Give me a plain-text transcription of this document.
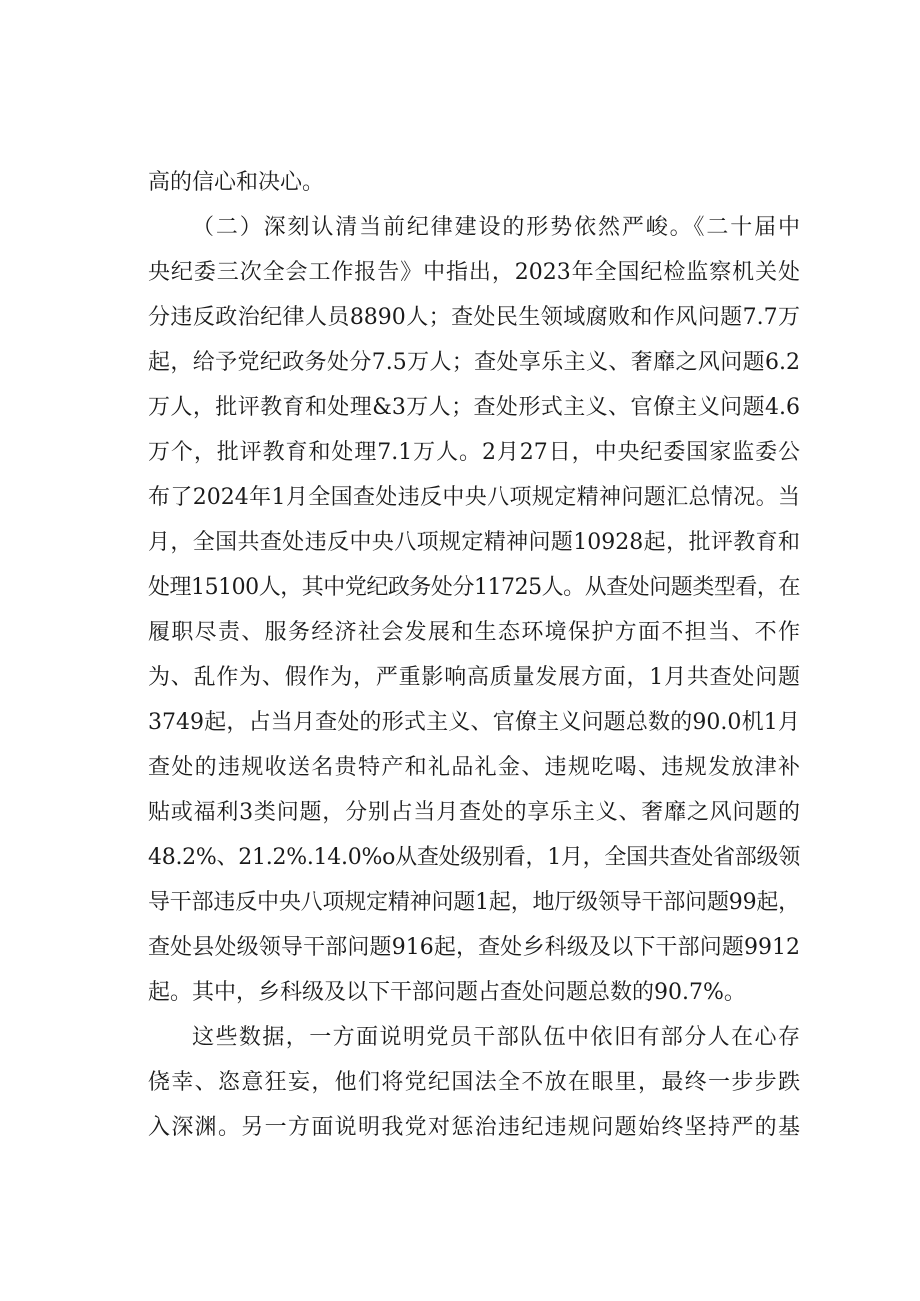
高的信心和决心。
（二）深刻认清当前纪律建设的形势依然严峻。《二十届中
央纪委三次全会工作报告》中指出，2023年全国纪检监察机关处
分违反政治纪律人员8890人；查处民生领域腐败和作风问题7.7万
起，给予党纪政务处分7.5万人；查处享乐主义、奢靡之风问题6.2
万人，批评教育和处理&3万人；查处形式主义、官僚主义问题4.6
万个，批评教育和处理7.1万人。2月27日，中央纪委国家监委公
布了2024年1月全国查处违反中央八项规定精神问题汇总情况。当
月，全国共查处违反中央八项规定精神问题10928起，批评教育和
处理15100人，其中党纪政务处分11725人。从查处问题类型看，在
履职尽责、服务经济社会发展和生态环境保护方面不担当、不作
为、乱作为、假作为，严重影响高质量发展方面，1月共查处问题
3749起，占当月查处的形式主义、官僚主义问题总数的90.0机1月
查处的违规收送名贵特产和礼品礼金、违规吃喝、违规发放津补
贴或福利3类问题，分别占当月查处的享乐主义、奢靡之风问题的
48.2%、21.2%.14.0%o从查处级别看，1月，全国共查处省部级领
导干部违反中央八项规定精神问题1起，地厅级领导干部问题99起，
查处县处级领导干部问题916起，查处乡科级及以下干部问题9912
起。其中，乡科级及以下干部问题占查处问题总数的90.7%。
这些数据，一方面说明党员干部队伍中依旧有部分人在心存
侥幸、恣意狂妄，他们将党纪国法全不放在眼里，最终一步步跌
入深渊。另一方面说明我党对惩治违纪违规问题始终坚持严的基
